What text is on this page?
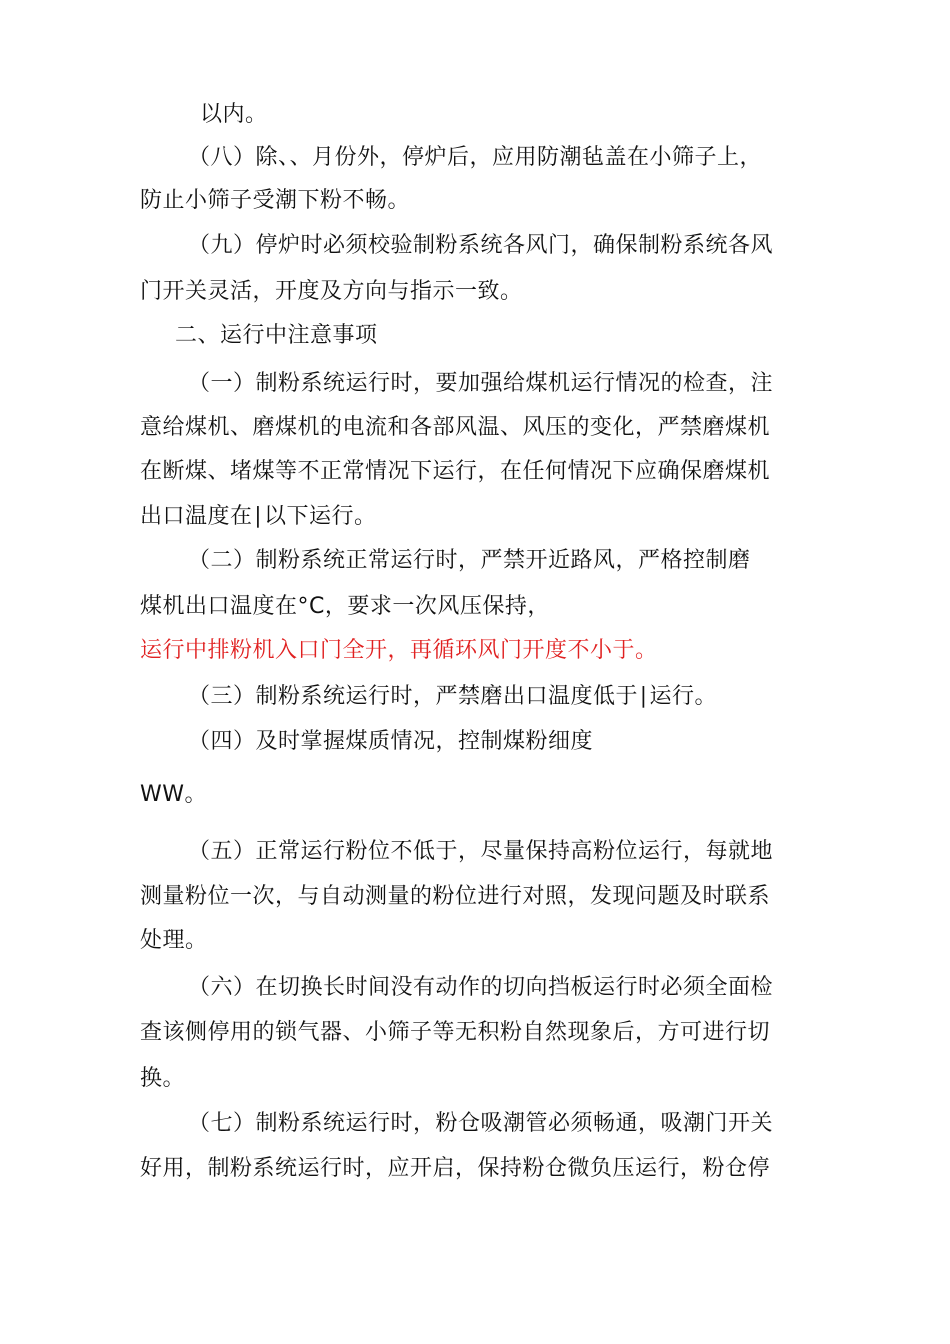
以内。
（八）除、、月份外，停炉后，应用防潮毡盖在小筛子上，
防止小筛子受潮下粉不畅。
（九）停炉时必须校验制粉系统各风门，确保制粉系统各风
门开关灵活，开度及方向与指示一致。
二、运行中注意事项
（一）制粉系统运行时，要加强给煤机运行情况的检查，注
意给煤机、磨煤机的电流和各部风温、风压的变化，严禁磨煤机
在断煤、堵煤等不正常情况下运行，在任何情况下应确保磨煤机
出口温度在∣以下运行。
（二）制粉系统正常运行时，严禁开近路风，严格控制磨
煤机出口温度在°C，要求一次风压保持，
运行中排粉机入口门全开，再循环风门开度不小于。
（三）制粉系统运行时，严禁磨出口温度低于∣运行。
（四）及时掌握煤质情况，控制煤粉细度
WW。
（五）正常运行粉位不低于，尽量保持高粉位运行，每就地
测量粉位一次，与自动测量的粉位进行对照，发现问题及时联系
处理。
（六）在切换长时间没有动作的切向挡板运行时必须全面检
查该侧停用的锁气器、小筛子等无积粉自然现象后，方可进行切
换。
（七）制粉系统运行时，粉仓吸潮管必须畅通，吸潮门开关
好用，制粉系统运行时，应开启，保持粉仓微负压运行，粉仓停
